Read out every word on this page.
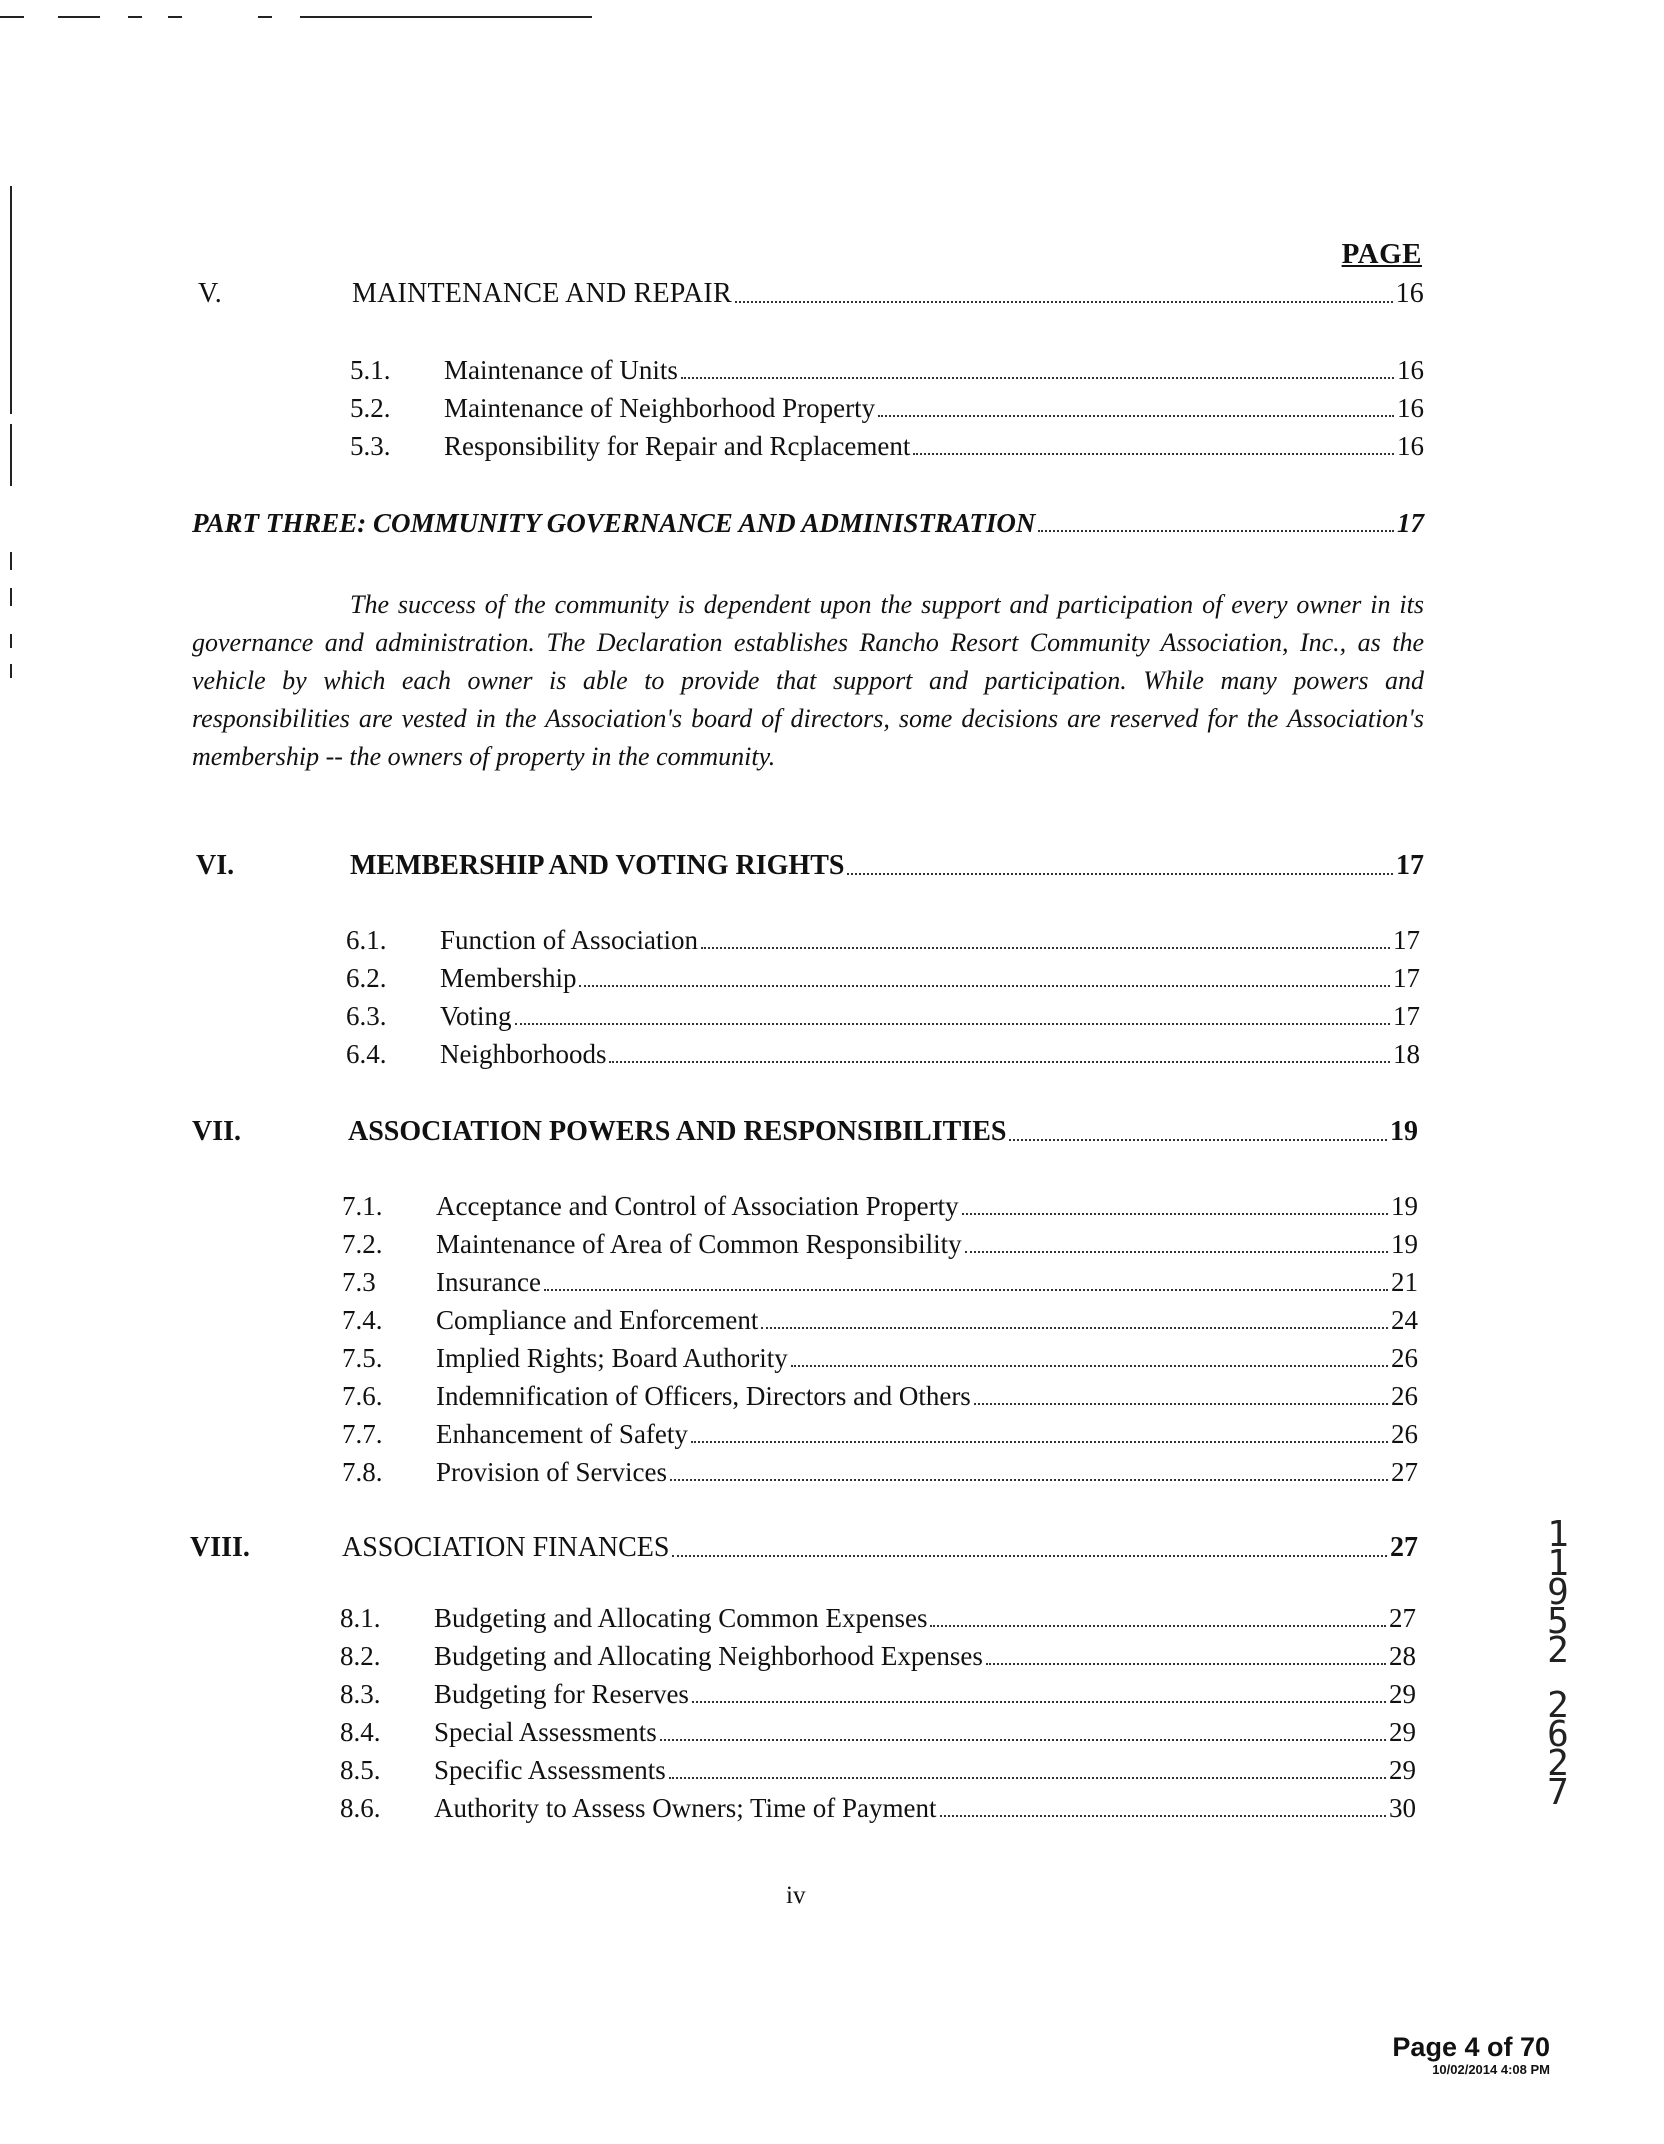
PAGE
V.	MAINTENANCE AND REPAIR	16
5.1.	Maintenance of Units	16
5.2.	Maintenance of Neighborhood Property	16
5.3.	Responsibility for Repair and Rcplacement	16
PART THREE: COMMUNITY GOVERNANCE AND ADMINISTRATION	17

The success of the community is dependent upon the support and participation of every owner in its governance and administration. The Declaration establishes Rancho Resort Community Association, Inc., as the vehicle by which each owner is able to provide that support and participation. While many powers and responsibilities are vested in the Association's board of directors, some decisions are reserved for the Association's membership -- the owners of property in the community.

VI.	MEMBERSHIP AND VOTING RIGHTS	17
6.1.	Function of Association	17
6.2.	Membership	17
6.3.	Voting	17
6.4.	Neighborhoods	18
VII.	ASSOCIATION POWERS AND RESPONSIBILITIES	19
7.1.	Acceptance and Control of Association Property	19
7.2.	Maintenance of Area of Common Responsibility	19
7.3	Insurance	21
7.4.	Compliance and Enforcement	24
7.5.	Implied Rights; Board Authority	26
7.6.	Indemnification of Officers, Directors and Others	26
7.7.	Enhancement of Safety	26
7.8.	Provision of Services	27
VIII.	ASSOCIATION FINANCES	27
8.1.	Budgeting and Allocating Common Expenses	27
8.2.	Budgeting and Allocating Neighborhood Expenses	28
8.3.	Budgeting for Reserves	29
8.4.	Special Assessments	29
8.5.	Specific Assessments	29
8.6.	Authority to Assess Owners; Time of Payment	30
iv
1
1
9
5
2
2
6
2
7
Page 4 of 70
10/02/2014 4:08 PM
